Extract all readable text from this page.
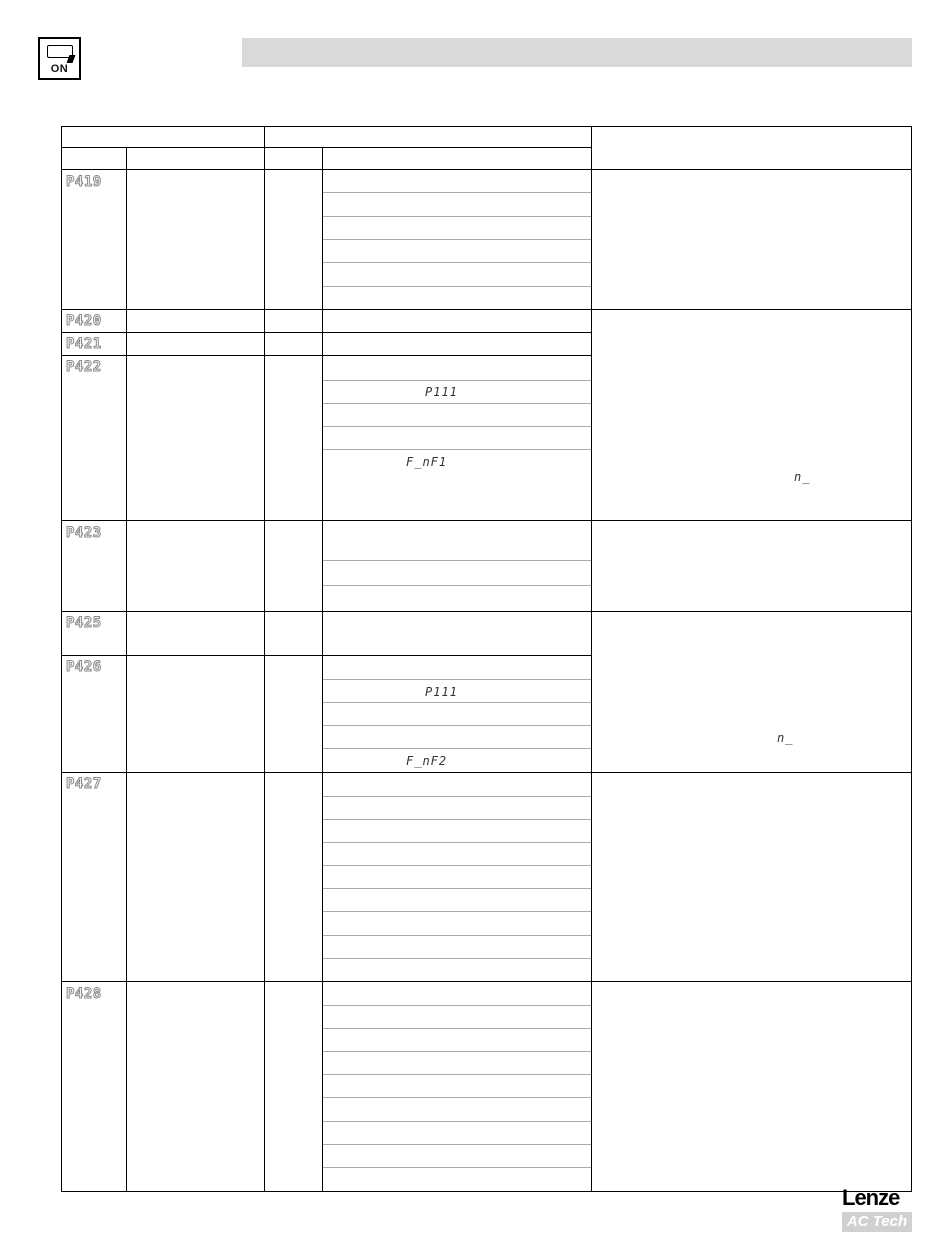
ON
P419
P420
P421
P422
P423
P425
P426
P427
P428
P111
F_nF1
n_
P111
F_nF2
n_
Lenze
AC Tech
